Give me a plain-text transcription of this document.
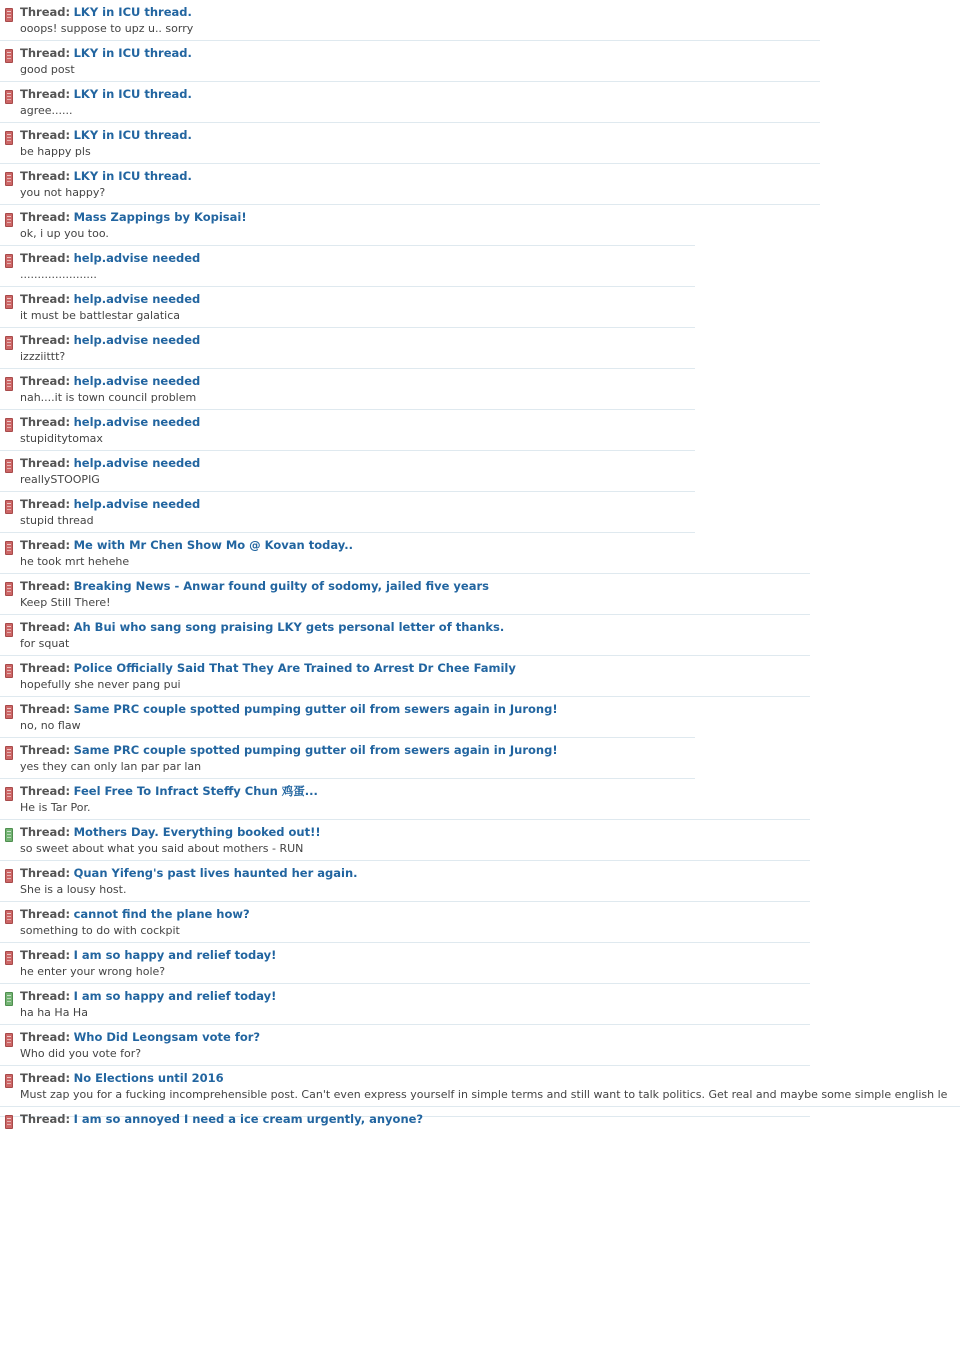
Thread: LKY in ICU thread.
ooops! suppose to upz u.. sorry
Thread: LKY in ICU thread.
good post
Thread: LKY in ICU thread.
agree......
Thread: LKY in ICU thread.
be happy pls
Thread: LKY in ICU thread.
you not happy?
Thread: Mass Zappings by Kopisai!
ok, i up you too.
Thread: help.advise needed
......................
Thread: help.advise needed
it must be battlestar galatica
Thread: help.advise needed
izzziittt?
Thread: help.advise needed
nah....it is town council problem
Thread: help.advise needed
stupiditytomax
Thread: help.advise needed
reallySTOOPIG
Thread: help.advise needed
stupid thread
Thread: Me with Mr Chen Show Mo @ Kovan today..
he took mrt hehehe
Thread: Breaking News - Anwar found guilty of sodomy, jailed five years
Keep Still There!
Thread: Ah Bui who sang song praising LKY gets personal letter of thanks.
for squat
Thread: Police Officially Said That They Are Trained to Arrest Dr Chee Family
hopefully she never pang pui
Thread: Same PRC couple spotted pumping gutter oil from sewers again in Jurong!
no, no flaw
Thread: Same PRC couple spotted pumping gutter oil from sewers again in Jurong!
yes they can only lan par par lan
Thread: Feel Free To Infract Steffy Chun 鸡蛋...
He is Tar Por.
Thread: Mothers Day. Everything booked out!!
so sweet about what you said about mothers - RUN
Thread: Quan Yifeng's past lives haunted her again.
She is a lousy host.
Thread: cannot find the plane how?
something to do with cockpit
Thread: I am so happy and relief today!
he enter your wrong hole?
Thread: I am so happy and relief today!
ha ha Ha Ha
Thread: Who Did Leongsam vote for?
Who did you vote for?
Thread: No Elections until 2016
Must zap you for a fucking incomprehensible post. Can't even express yourself in simple terms and still want to talk politics. Get real and maybe some simple english le
Thread: I am so annoyed I need a ice cream urgently, anyone?
